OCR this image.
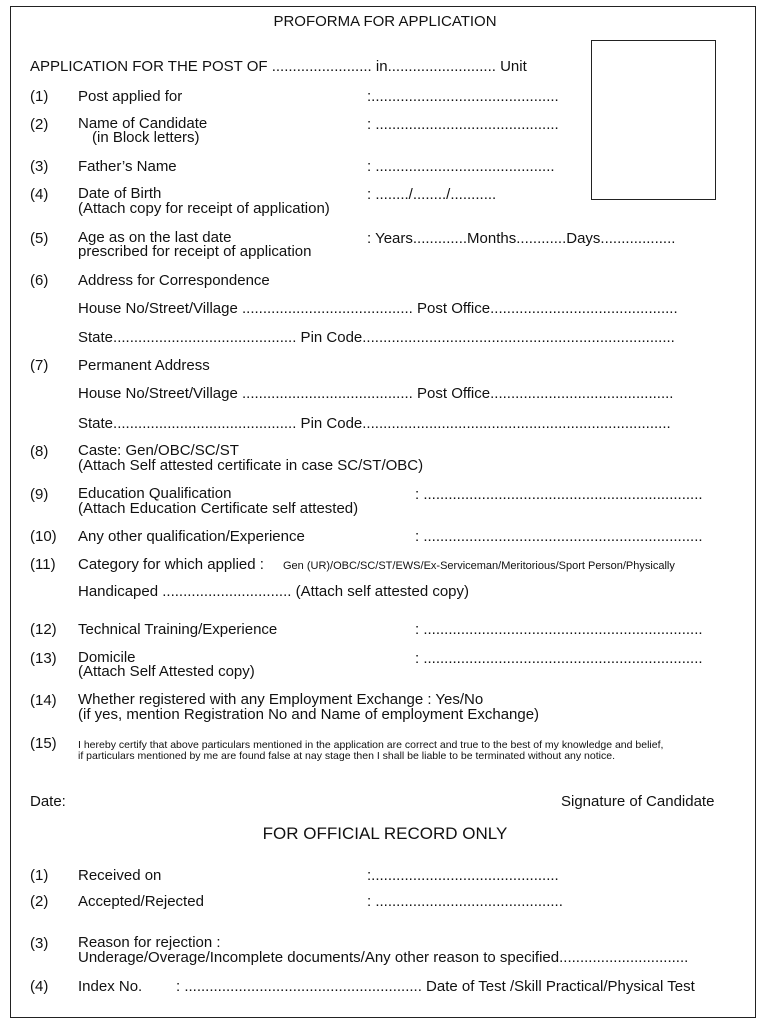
PROFORMA FOR APPLICATION
APPLICATION FOR THE POST OF ........................ in.......................... Unit
(1) Post applied for	:.............................................
(2) Name of Candidate
(in Block letters)
: ............................................
(3) Father’s Name	: ...........................................
(4) Date of Birth
(Attach copy for receipt of application)
: ......../......../...........
(5) Age as on the last date
prescribed for receipt of application
: Years.............Months............Days..................
(6) Address for Correspondence
House No/Street/Village ......................................... Post Office.............................................
State............................................ Pin Code...........................................................................
(7) Permanent Address
House No/Street/Village ......................................... Post Office............................................
State............................................ Pin Code..........................................................................
(8) Caste: Gen/OBC/SC/ST
(Attach Self attested certificate in case SC/ST/OBC)
(9) Education Qualification
(Attach Education Certificate self attested)
: ...................................................................
(10) Any other qualification/Experience	: ...................................................................
(11) Category for which applied : Gen (UR)/OBC/SC/ST/EWS/Ex-Serviceman/Meritorious/Sport Person/Physically
Handicaped ............................... (Attach self attested copy)
(12) Technical Training/Experience	: ...................................................................
(13) Domicile
(Attach Self Attested copy)
: ...................................................................
(14) Whether registered with any Employment Exchange : Yes/No
(if yes, mention Registration No and Name of employment Exchange)
(15) I hereby certify that above particulars mentioned in the application are correct and true to the best of my knowledge and belief,
if particulars mentioned by me are found false at nay stage then I shall be liable to be terminated without any notice.
Date:	Signature of Candidate
FOR OFFICIAL RECORD ONLY
(1) Received on	:.............................................
(2) Accepted/Rejected	: .............................................
(3) Reason for rejection :
Underage/Overage/Incomplete documents/Any other reason to specified...............................
(4) Index No. : ......................................................... Date of Test /Skill Practical/Physical Test
